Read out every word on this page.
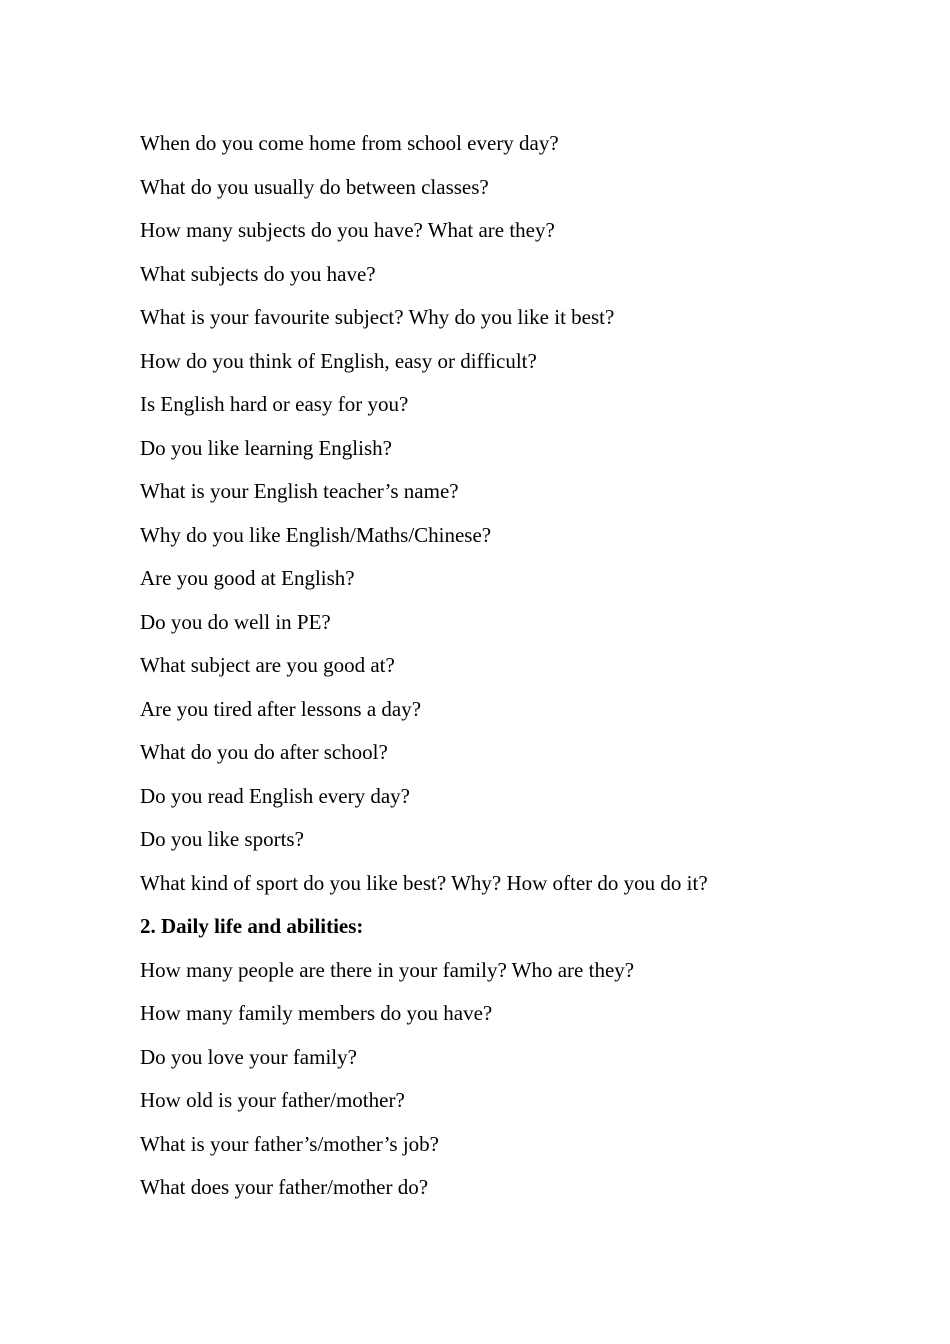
When do you come home from school every day?

What do you usually do between classes?

How many subjects do you have? What are they?

What subjects do you have?

What is your favourite subject? Why do you like it best?

How do you think of English, easy or difficult?

Is English hard or easy for you?

Do you like learning English?

What is your English teacher’s name?

Why do you like English/Maths/Chinese?

Are you good at English?

Do you do well in PE?

What subject are you good at?

Are you tired after lessons a day?

What do you do after school?

Do you read English every day?

Do you like sports?

What kind of sport do you like best? Why? How ofter do you do it?

2. Daily life and abilities:

How many people are there in your family? Who are they?

How many family members do you have?

Do you love your family?

How old is your father/mother?

What is your father’s/mother’s job?

What does your father/mother do?
